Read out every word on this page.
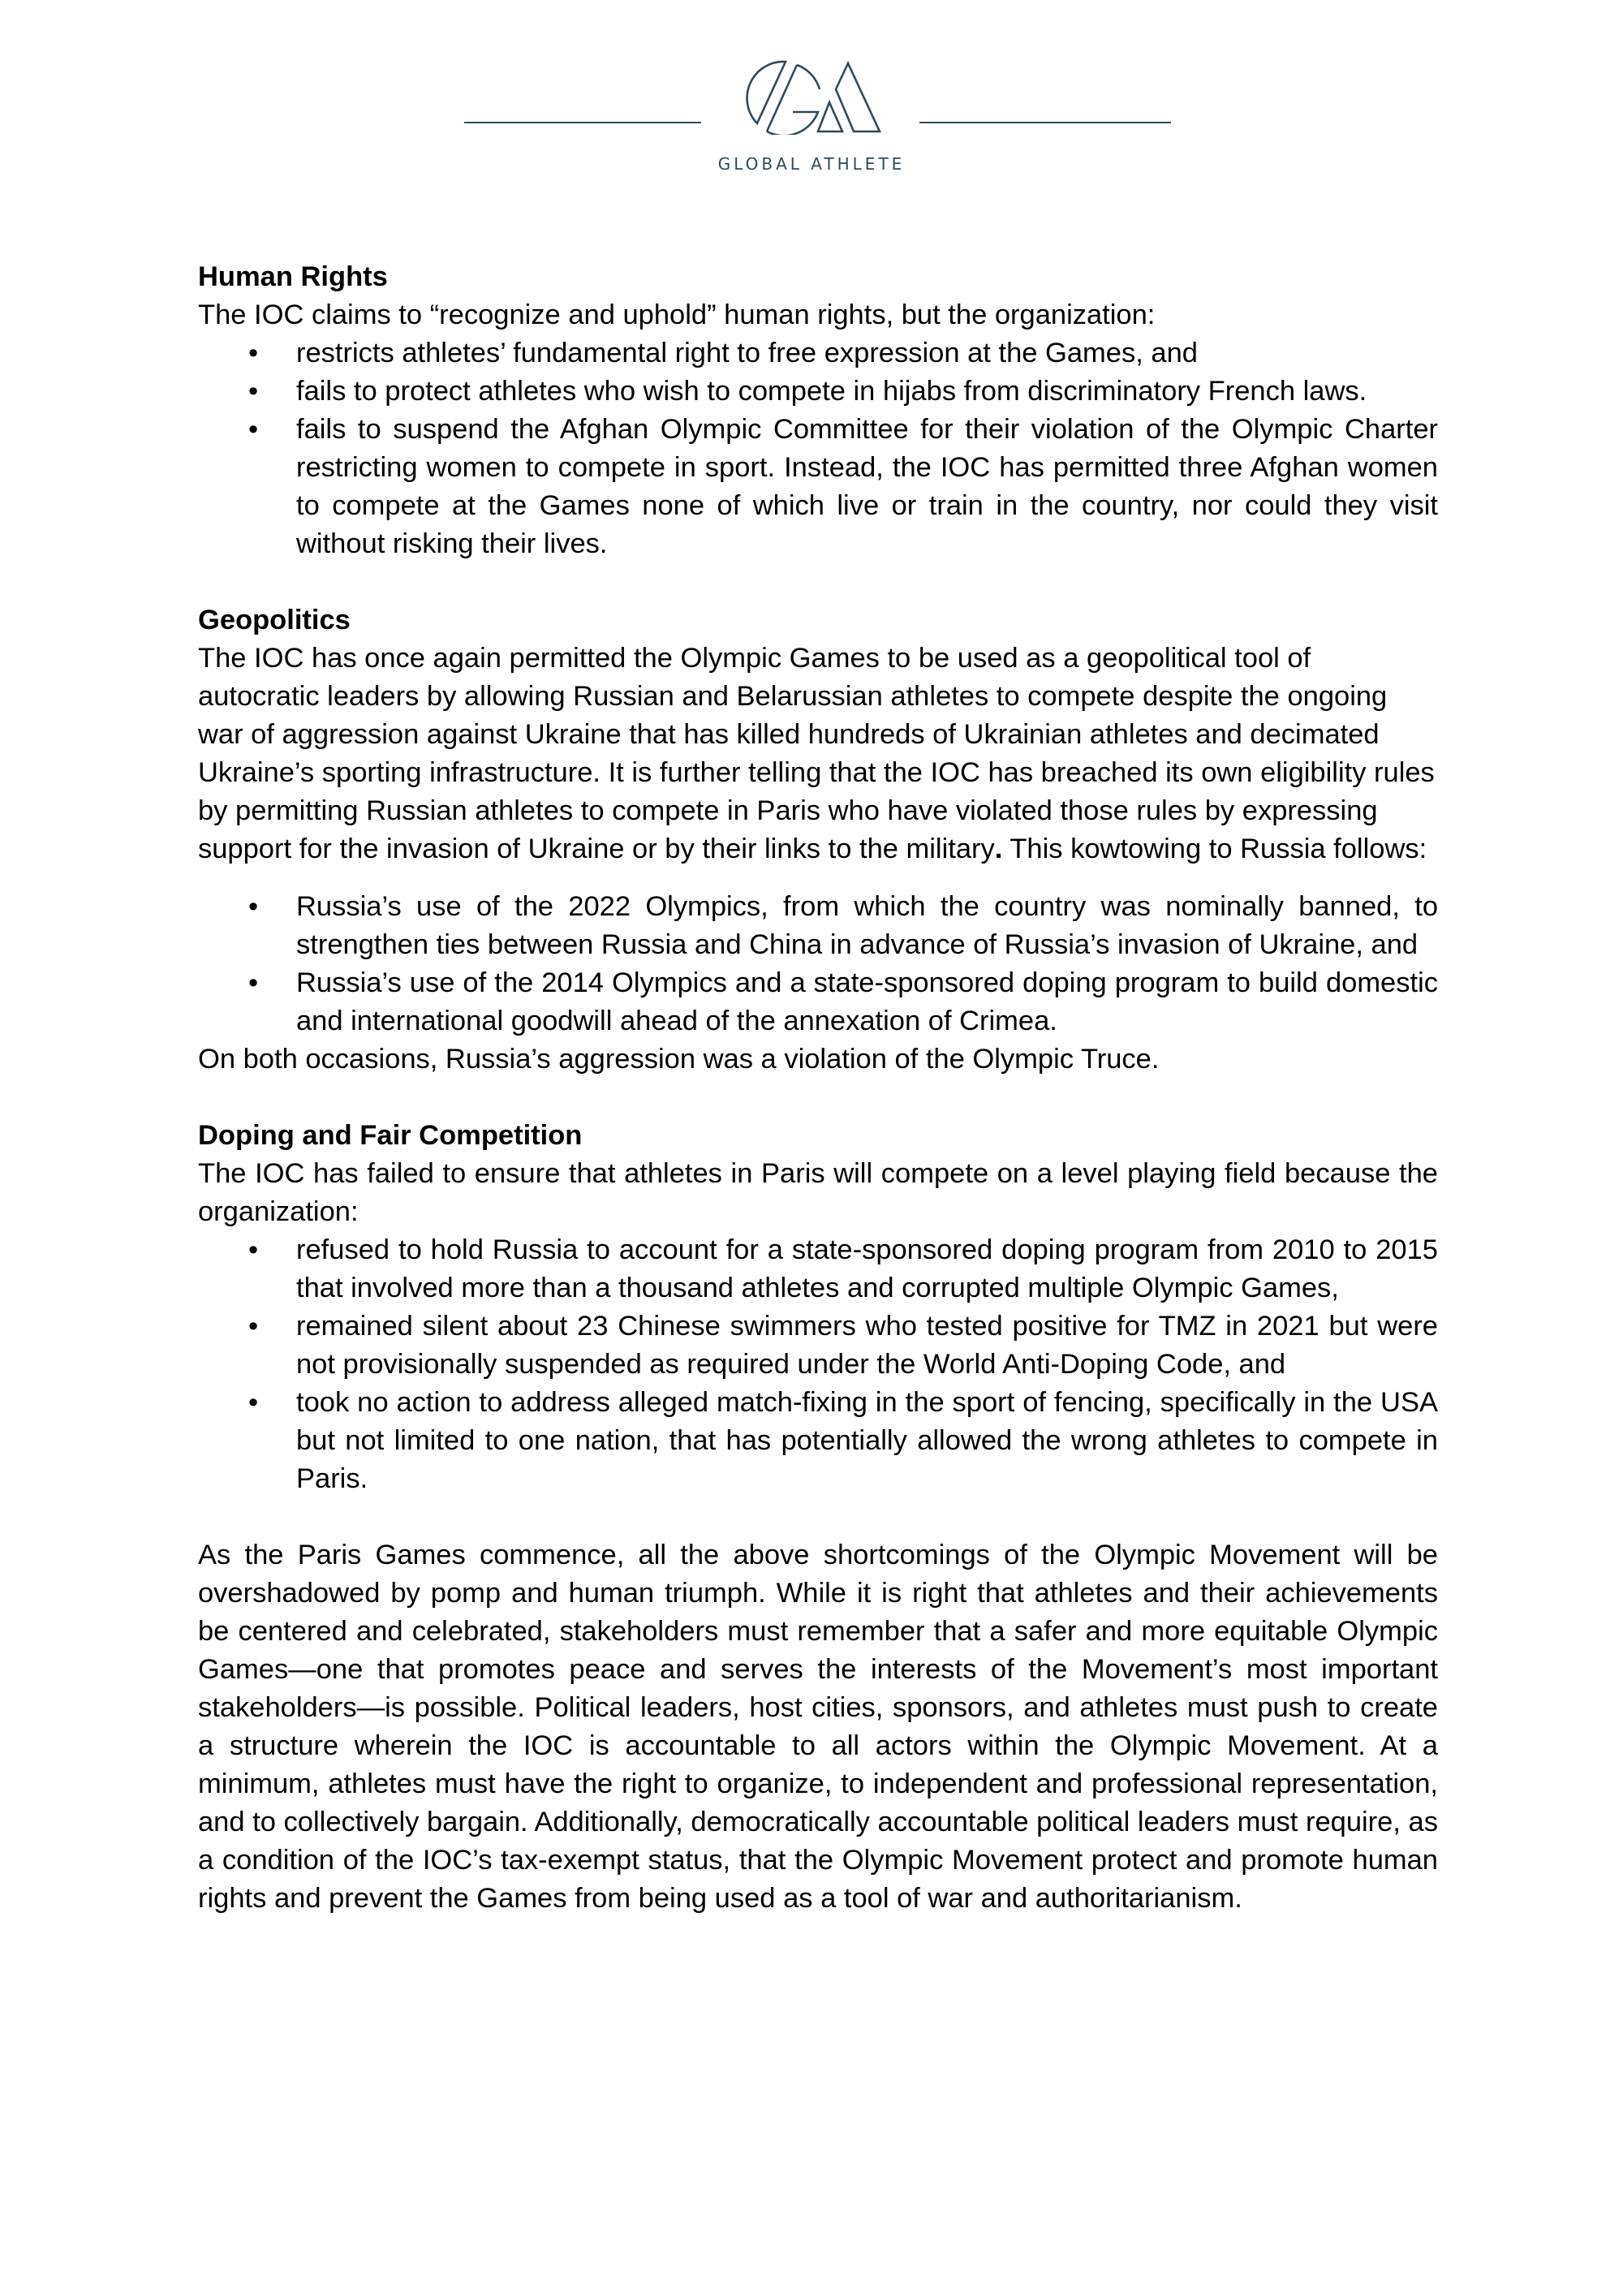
GLOBAL ATHLETE

Human Rights

The IOC claims to “recognize and uphold” human rights, but the organization:

• restricts athletes’ fundamental right to free expression at the Games, and
• fails to protect athletes who wish to compete in hijabs from discriminatory French laws.
• fails to suspend the Afghan Olympic Committee for their violation of the Olympic Charter restricting women to compete in sport. Instead, the IOC has permitted three Afghan women to compete at the Games none of which live or train in the country, nor could they visit without risking their lives.

Geopolitics

The IOC has once again permitted the Olympic Games to be used as a geopolitical tool of autocratic leaders by allowing Russian and Belarussian athletes to compete despite the ongoing war of aggression against Ukraine that has killed hundreds of Ukrainian athletes and decimated Ukraine’s sporting infrastructure. It is further telling that the IOC has breached its own eligibility rules by permitting Russian athletes to compete in Paris who have violated those rules by expressing support for the invasion of Ukraine or by their links to the military. This kowtowing to Russia follows:

• Russia’s use of the 2022 Olympics, from which the country was nominally banned, to strengthen ties between Russia and China in advance of Russia’s invasion of Ukraine, and
• Russia’s use of the 2014 Olympics and a state-sponsored doping program to build domestic and international goodwill ahead of the annexation of Crimea.

On both occasions, Russia’s aggression was a violation of the Olympic Truce.

Doping and Fair Competition

The IOC has failed to ensure that athletes in Paris will compete on a level playing field because the organization:

• refused to hold Russia to account for a state-sponsored doping program from 2010 to 2015 that involved more than a thousand athletes and corrupted multiple Olympic Games,
• remained silent about 23 Chinese swimmers who tested positive for TMZ in 2021 but were not provisionally suspended as required under the World Anti-Doping Code, and
• took no action to address alleged match-fixing in the sport of fencing, specifically in the USA but not limited to one nation, that has potentially allowed the wrong athletes to compete in Paris.

As the Paris Games commence, all the above shortcomings of the Olympic Movement will be overshadowed by pomp and human triumph. While it is right that athletes and their achievements be centered and celebrated, stakeholders must remember that a safer and more equitable Olympic Games—one that promotes peace and serves the interests of the Movement’s most important stakeholders—is possible. Political leaders, host cities, sponsors, and athletes must push to create a structure wherein the IOC is accountable to all actors within the Olympic Movement. At a minimum, athletes must have the right to organize, to independent and professional representation, and to collectively bargain. Additionally, democratically accountable political leaders must require, as a condition of the IOC’s tax-exempt status, that the Olympic Movement protect and promote human rights and prevent the Games from being used as a tool of war and authoritarianism.
